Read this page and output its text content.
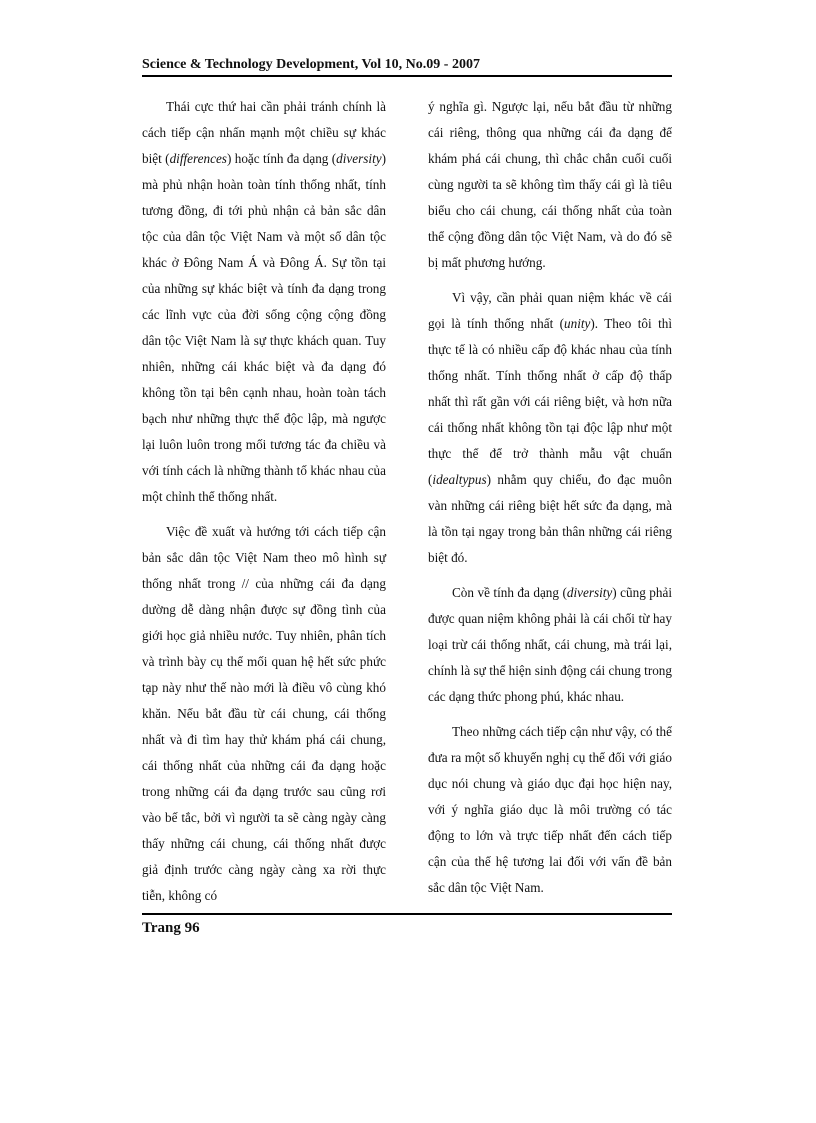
Science & Technology Development, Vol 10, No.09 - 2007

Thái cực thứ hai cần phải tránh chính là cách tiếp cận nhấn mạnh một chiều sự khác biệt (differences) hoặc tính đa dạng (diversity) mà phủ nhận hoàn toàn tính thống nhất, tính tương đồng, đi tới phủ nhận cả bản sắc dân tộc của dân tộc Việt Nam và một số dân tộc khác ở Đông Nam Á và Đông Á. Sự tồn tại của những sự khác biệt và tính đa dạng trong các lĩnh vực của đời sống cộng cộng đồng dân tộc Việt Nam là sự thực khách quan. Tuy nhiên, những cái khác biệt và đa dạng đó không tồn tại bên cạnh nhau, hoàn toàn tách bạch như những thực thể độc lập, mà ngược lại luôn luôn trong mối tương tác đa chiều và với tính cách là những thành tố khác nhau của một chỉnh thể thống nhất.

Việc đề xuất và hướng tới cách tiếp cận bản sắc dân tộc Việt Nam theo mô hình sự thống nhất trong // của những cái đa dạng dường dễ dàng nhận được sự đồng tình của giới học giả nhiều nước. Tuy nhiên, phân tích và trình bày cụ thể mối quan hệ hết sức phức tạp này như thế nào mới là điều vô cùng khó khăn. Nếu bắt đầu từ cái chung, cái thống nhất và đi tìm hay thử khám phá cái chung, cái thống nhất của những cái đa dạng hoặc trong những cái đa dạng trước sau cũng rơi vào bế tắc, bởi vì người ta sẽ càng ngày càng thấy những cái chung, cái thống nhất được giả định trước càng ngày càng xa rời thực tiễn, không có

ý nghĩa gì. Ngược lại, nếu bắt đầu từ những cái riêng, thông qua những cái đa dạng để khám phá cái chung, thì chắc chắn cuối cuối cùng người ta sẽ không tìm thấy cái gì là tiêu biểu cho cái chung, cái thống nhất của toàn thể cộng đồng dân tộc Việt Nam, và do đó sẽ bị mất phương hướng.

Vì vậy, cần phải quan niệm khác về cái gọi là tính thống nhất (unity). Theo tôi thì thực tế là có nhiều cấp độ khác nhau của tính thống nhất. Tính thống nhất ở cấp độ thấp nhất thì rất gần với cái riêng biệt, và hơn nữa cái thống nhất không tồn tại độc lập như một thực thể để trở thành mẫu vật chuẩn (idealtypus) nhằm quy chiếu, đo đạc muôn vàn những cái riêng biệt hết sức đa dạng, mà là tồn tại ngay trong bản thân những cái riêng biệt đó.

Còn về tính đa dạng (diversity) cũng phải được quan niệm không phải là cái chối từ hay loại trừ cái thống nhất, cái chung, mà trái lại, chính là sự thể hiện sinh động cái chung trong các dạng thức phong phú, khác nhau.

Theo những cách tiếp cận như vậy, có thể đưa ra một số khuyến nghị cụ thể đối với giáo dục nói chung và giáo dục đại học hiện nay, với ý nghĩa giáo dục là môi trường có tác động to lớn và trực tiếp nhất đến cách tiếp cận của thế hệ tương lai đối với vấn đề bản sắc dân tộc Việt Nam.

Trang 96
